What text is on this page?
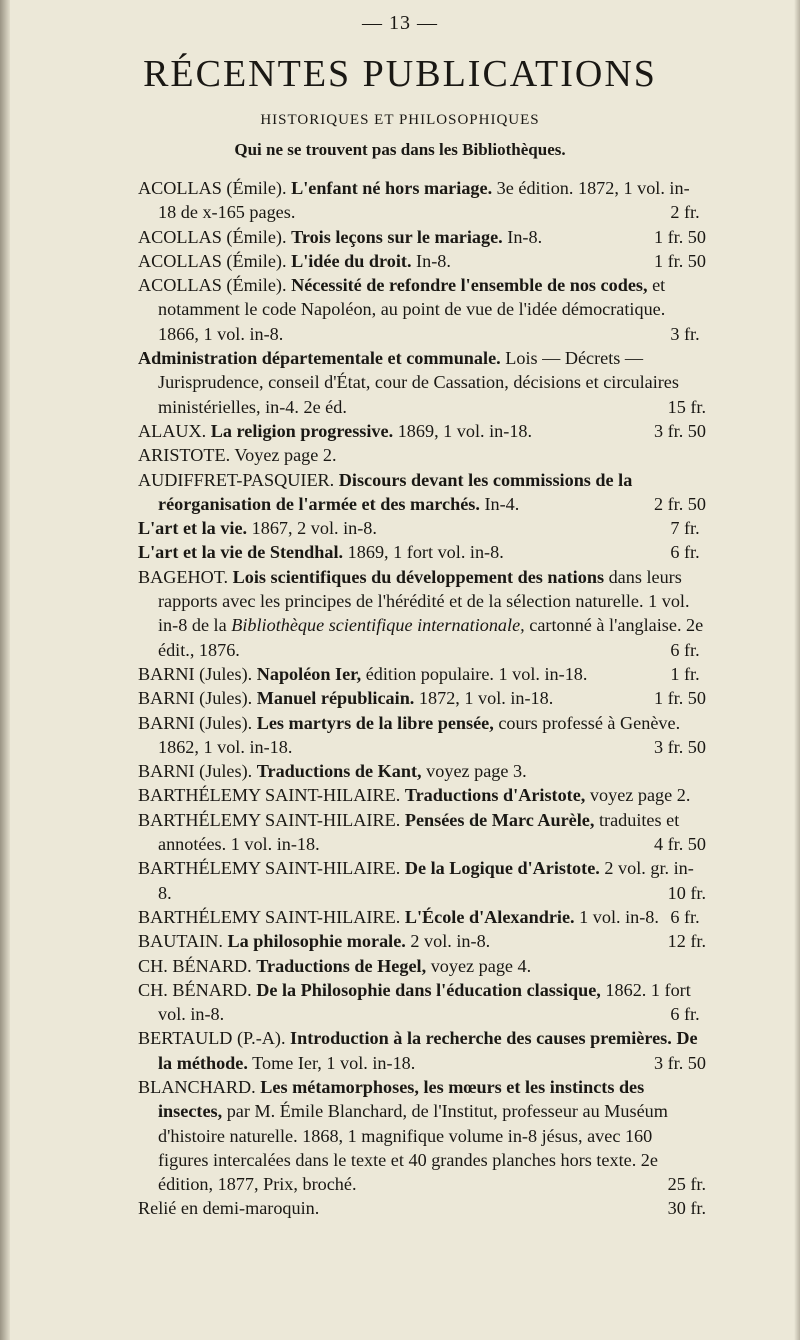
— 13 —
RÉCENTES PUBLICATIONS
HISTORIQUES ET PHILOSOPHIQUES
Qui ne se trouvent pas dans les Bibliothèques.

ACOLLAS (Émile). L'enfant né hors mariage. 3e édition. 1872, 1 vol. in-18 de x-165 pages.	2 fr.

ACOLLAS (Émile). Trois leçons sur le mariage. In-8.	1 fr. 50

ACOLLAS (Émile). L'idée du droit. In-8.	1 fr. 50

ACOLLAS (Émile). Nécessité de refondre l'ensemble de nos codes, et notamment le code Napoléon, au point de vue de l'idée démocratique. 1866, 1 vol. in-8.	3 fr.

Administration départementale et communale. Lois — Décrets — Jurisprudence, conseil d'État, cour de Cassation, décisions et circulaires ministérielles, in-4. 2e éd.	15 fr.

ALAUX. La religion progressive. 1869, 1 vol. in-18.	3 fr. 50

ARISTOTE. Voyez page 2.

AUDIFFRET-PASQUIER. Discours devant les commissions de la réorganisation de l'armée et des marchés. In-4.	2 fr. 50

L'art et la vie. 1867, 2 vol. in-8.	7 fr.

L'art et la vie de Stendhal. 1869, 1 fort vol. in-8.	6 fr.

BAGEHOT. Lois scientifiques du développement des nations dans leurs rapports avec les principes de l'hérédité et de la sélection naturelle. 1 vol. in-8 de la Bibliothèque scientifique internationale, cartonné à l'anglaise. 2e édit., 1876.	6 fr.

BARNI (Jules). Napoléon Ier, édition populaire. 1 vol. in-18.	1 fr.

BARNI (Jules). Manuel républicain. 1872, 1 vol. in-18.	1 fr. 50

BARNI (Jules). Les martyrs de la libre pensée, cours professé à Genève. 1862, 1 vol. in-18.	3 fr. 50

BARNI (Jules). Traductions de Kant, voyez page 3.

BARTHÉLEMY SAINT-HILAIRE. Traductions d'Aristote, voyez page 2.

BARTHÉLEMY SAINT-HILAIRE. Pensées de Marc Aurèle, traduites et annotées. 1 vol. in-18.	4 fr. 50

BARTHÉLEMY SAINT-HILAIRE. De la Logique d'Aristote. 2 vol. gr. in-8.	10 fr.

BARTHÉLEMY SAINT-HILAIRE. L'École d'Alexandrie. 1 vol. in-8. 6 fr.

BAUTAIN. La philosophie morale. 2 vol. in-8.	12 fr.

CH. BÉNARD. Traductions de Hegel, voyez page 4.

CH. BÉNARD. De la Philosophie dans l'éducation classique, 1862. 1 fort vol. in-8.	6 fr.

BERTAULD (P.-A). Introduction à la recherche des causes premières. De la méthode. Tome Ier, 1 vol. in-18.	3 fr. 50

BLANCHARD. Les métamorphoses, les mœurs et les instincts des insectes, par M. Émile Blanchard, de l'Institut, professeur au Muséum d'histoire naturelle. 1868, 1 magnifique volume in-8 jésus, avec 160 figures intercalées dans le texte et 40 grandes planches hors texte. 2e édition, 1877, Prix, broché.	25 fr.

Relié en demi-maroquin.	30 fr.
